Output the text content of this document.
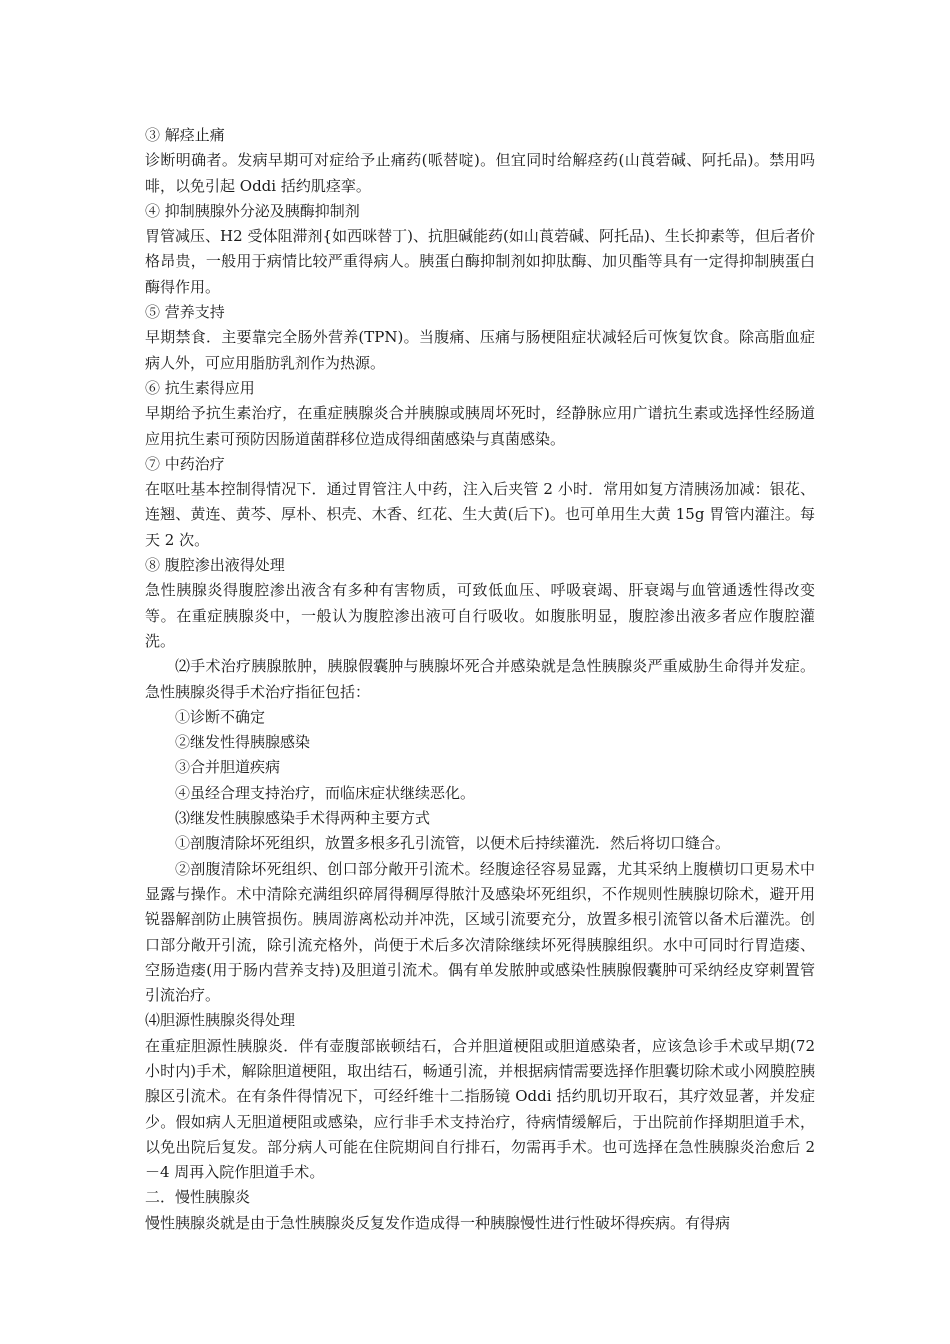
③ 解痉止痛

诊断明确者。发病早期可对症给予止痛药(哌替啶)。但宜同时给解痉药(山莨菪碱、阿托品)。禁用吗啡，以免引起 Oddi 括约肌痉挛。

④ 抑制胰腺外分泌及胰酶抑制剂

胃管减压、H2 受体阻滞剂{如西咪替丁)、抗胆碱能药(如山莨菪碱、阿托品)、生长抑素等，但后者价格昂贵，一般用于病情比较严重得病人。胰蛋白酶抑制剂如抑肽酶、加贝酯等具有一定得抑制胰蛋白酶得作用。

⑤ 营养支持

早期禁食．主要靠完全肠外营养(TPN)。当腹痛、压痛与肠梗阻症状减轻后可恢复饮食。除高脂血症病人外，可应用脂肪乳剂作为热源。

⑥ 抗生素得应用

早期给予抗生素治疗，在重症胰腺炎合并胰腺或胰周坏死时，经静脉应用广谱抗生素或选择性经肠道应用抗生素可预防因肠道菌群移位造成得细菌感染与真菌感染。

⑦ 中药治疗

在呕吐基本控制得情况下．通过胃管注人中药，注入后夹管 2 小时．常用如复方清胰汤加减：银花、连翘、黄连、黄芩、厚朴、枳壳、木香、红花、生大黄(后下)。也可单用生大黄 15g 胃管内灌注。每天 2 次。

⑧ 腹腔渗出液得处理

急性胰腺炎得腹腔渗出液含有多种有害物质，可致低血压、呼吸衰竭、肝衰竭与血管通透性得改变等。在重症胰腺炎中，一般认为腹腔渗出液可自行吸收。如腹胀明显，腹腔渗出液多者应作腹腔灌洗。

⑵手术治疗胰腺脓肿，胰腺假囊肿与胰腺坏死合并感染就是急性胰腺炎严重威胁生命得并发症。急性胰腺炎得手术治疗指征包括：

①诊断不确定

②继发性得胰腺感染

③合并胆道疾病

④虽经合理支持治疗，而临床症状继续恶化。

⑶继发性胰腺感染手术得两种主要方式

①剖腹清除坏死组织，放置多根多孔引流管，以便术后持续灌洗．然后将切口缝合。

②剖腹清除坏死组织、创口部分敞开引流术。经腹途径容易显露，尤其采纳上腹横切口更易术中显露与操作。术中清除充满组织碎屑得稠厚得脓汁及感染坏死组织，不作规则性胰腺切除术，避开用锐器解剖防止胰管损伤。胰周游离松动并冲洗，区域引流要充分，放置多根引流管以备术后灌洗。创口部分敞开引流，除引流充格外，尚便于术后多次清除继续坏死得胰腺组织。水中可同时行胃造瘘、空肠造瘘(用于肠内营养支持)及胆道引流术。偶有单发脓肿或感染性胰腺假囊肿可采纳经皮穿刺置管引流治疗。

⑷胆源性胰腺炎得处理

在重症胆源性胰腺炎．伴有壶腹部嵌顿结石，合并胆道梗阻或胆道感染者，应该急诊手术或早期(72 小时内)手术，解除胆道梗阻，取出结石，畅通引流，并根据病情需要选择作胆囊切除术或小网膜腔胰腺区引流术。在有条件得情况下，可经纤维十二指肠镜 Oddi 括约肌切开取石，其疗效显著，并发症少。假如病人无胆道梗阻或感染，应行非手术支持治疗，待病情缓解后，于出院前作择期胆道手术，以免出院后复发。部分病人可能在住院期间自行排石，勿需再手术。也可选择在急性胰腺炎治愈后 2－4 周再入院作胆道手术。

二．慢性胰腺炎

慢性胰腺炎就是由于急性胰腺炎反复发作造成得一种胰腺慢性进行性破坏得疾病。有得病
